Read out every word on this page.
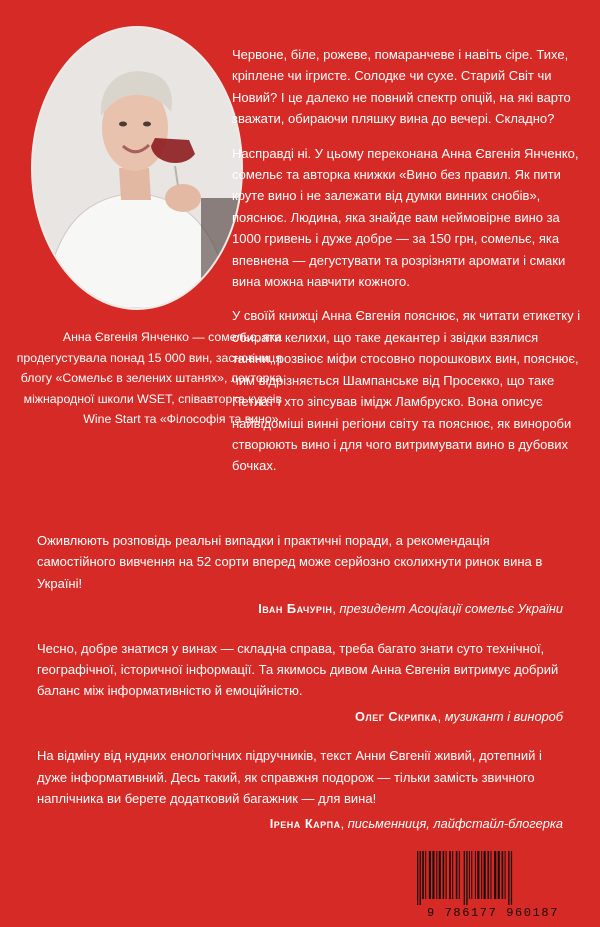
Анна Євгенія Янченко — сомельє, яка продегустувала понад 15 000 вин, засновниця блогу «Сомельє в зелених штанях», лекторка міжнародної школи WSET, співавторка курсів Wine Start та «Філософія та вино».

Червоне, біле, рожеве, помаранчеве і навіть сіре. Тихе, кріплене чи ігристе. Солодке чи сухе. Старий Світ чи Новий? І це далеко не повний спектр опцій, на які варто зважати, обираючи пляшку вина до вечері. Складно?

Насправді ні. У цьому переконана Анна Євгенія Янченко, сомельє та авторка книжки «Вино без правил. Як пити круте вино і не залежати від думки винних снобів», пояснює. Людина, яка знайде вам неймовірне вино за 1000 гривень і дуже добре — за 150 грн, сомельє, яка впевнена — дегустувати та розрізняти аромати і смаки вина можна навчити кожного.

У своїй книжці Анна Євгенія пояснює, як читати етикетку і обирати келихи, що таке декантер і звідки взялися таніни, розвіює міфи стосовно порошкових вин, пояснює, чим відрізняється Шампанське від Просекко, що таке Петнат і хто зіпсував імідж Ламбруско. Вона описує найвідоміші винні регіони світу та пояснює, як винороби створюють вино і для чого витримувати вино в дубових бочках.

Оживлюють розповідь реальні випадки і практичні поради, а рекомендація самостійного вивчення на 52 сорти вперед може серйозно сколихнути ринок вина в Україні!

Іван Бачурін, президент Асоціації сомельє України

Чесно, добре знатися у винах — складна справа, треба багато знати суто технічної, географічної, історичної інформації. Та якимось дивом Анна Євгенія витримує добрий баланс між інформативністю й емоційністю.

Олег Скрипка, музикант і винороб

На відміну від нудних енологічних підручників, текст Анни Євгенії живий, дотепний і дуже інформативний. Десь такий, як справжня подорож — тільки замість звичного наплічника ви берете додатковий багажник — для вина!

Ірена Карпа, письменниця, лайфстайл-блогерка

9 786177 960187
